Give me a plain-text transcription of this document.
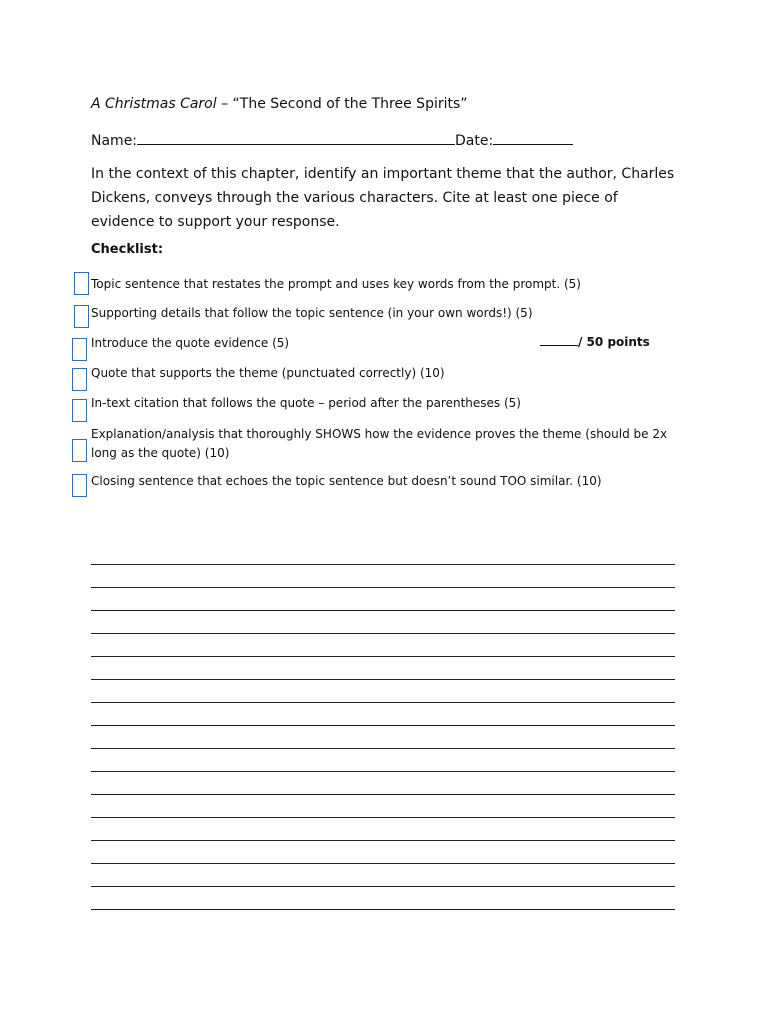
A Christmas Carol – “The Second of the Three Spirits”
Name:	Date:
In the context of this chapter, identify an important theme that the author, Charles Dickens, conveys through the various characters. Cite at least one piece of evidence to support your response.
Checklist:
Topic sentence that restates the prompt and uses key words from the prompt. (5)
Supporting details that follow the topic sentence (in your own words!) (5)
Introduce the quote evidence (5)	/ 50 points
Quote that supports the theme (punctuated correctly) (10)
In-text citation that follows the quote – period after the parentheses (5)
Explanation/analysis that thoroughly SHOWS how the evidence proves the theme (should be 2x long as the quote) (10)
Closing sentence that echoes the topic sentence but doesn’t sound TOO similar. (10)
